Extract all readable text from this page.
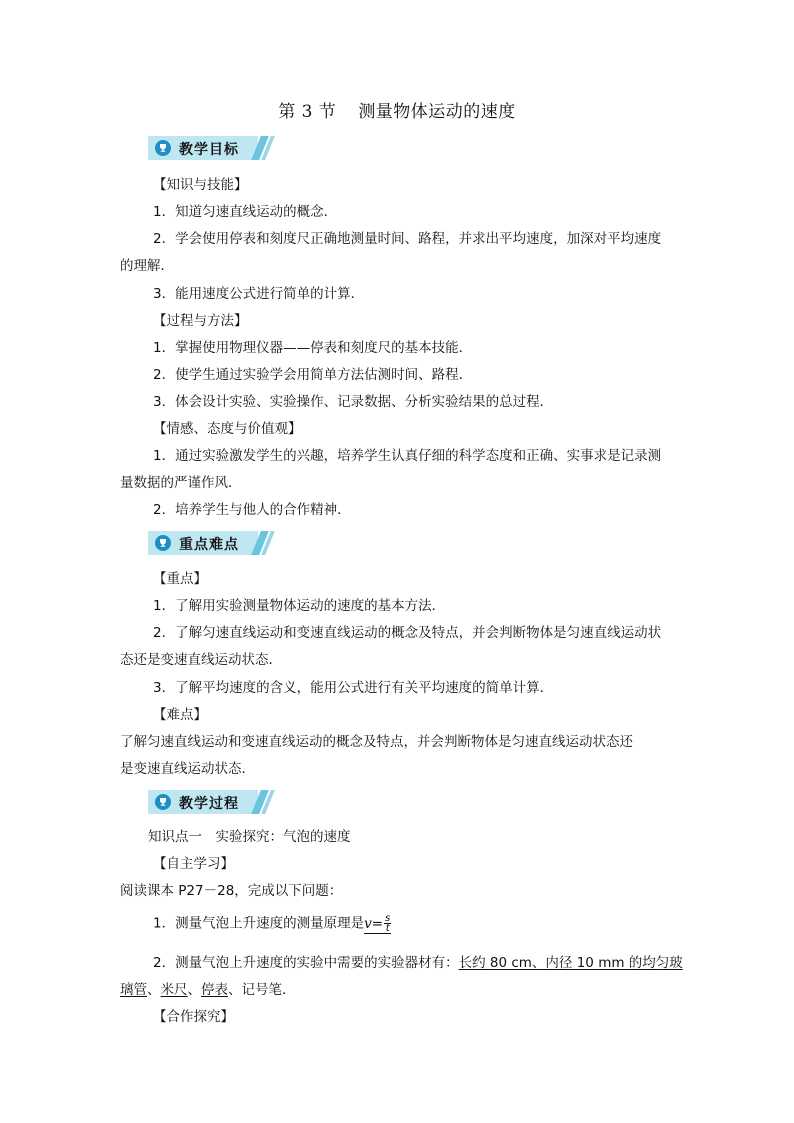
第 3 节 测量物体运动的速度
教学目标
【知识与技能】
1．知道匀速直线运动的概念．
2．学会使用停表和刻度尺正确地测量时间、路程，并求出平均速度，加深对平均速度
的理解．
3．能用速度公式进行简单的计算．
【过程与方法】
1．掌握使用物理仪器——停表和刻度尺的基本技能．
2．使学生通过实验学会用简单方法估测时间、路程．
3．体会设计实验、实验操作、记录数据、分析实验结果的总过程．
【情感、态度与价值观】
1．通过实验激发学生的兴趣，培养学生认真仔细的科学态度和正确、实事求是记录测
量数据的严谨作风．
2．培养学生与他人的合作精神．
重点难点
【重点】
1．了解用实验测量物体运动的速度的基本方法．
2．了解匀速直线运动和变速直线运动的概念及特点，并会判断物体是匀速直线运动状
态还是变速直线运动状态．
3．了解平均速度的含义，能用公式进行有关平均速度的简单计算．
【难点】
了解匀速直线运动和变速直线运动的概念及特点，并会判断物体是匀速直线运动状态还
是变速直线运动状态．
教学过程
知识点一　实验探究：气泡的速度
【自主学习】
阅读课本 P27－28，完成以下问题：
1．测量气泡上升速度的测量原理是$v= \frac{s}{t}$
2．测量气泡上升速度的实验中需要的实验器材有：长约 80 cm、内径 10 mm 的均匀玻
璃管、米尺、停表、记号笔．
【合作探究】
